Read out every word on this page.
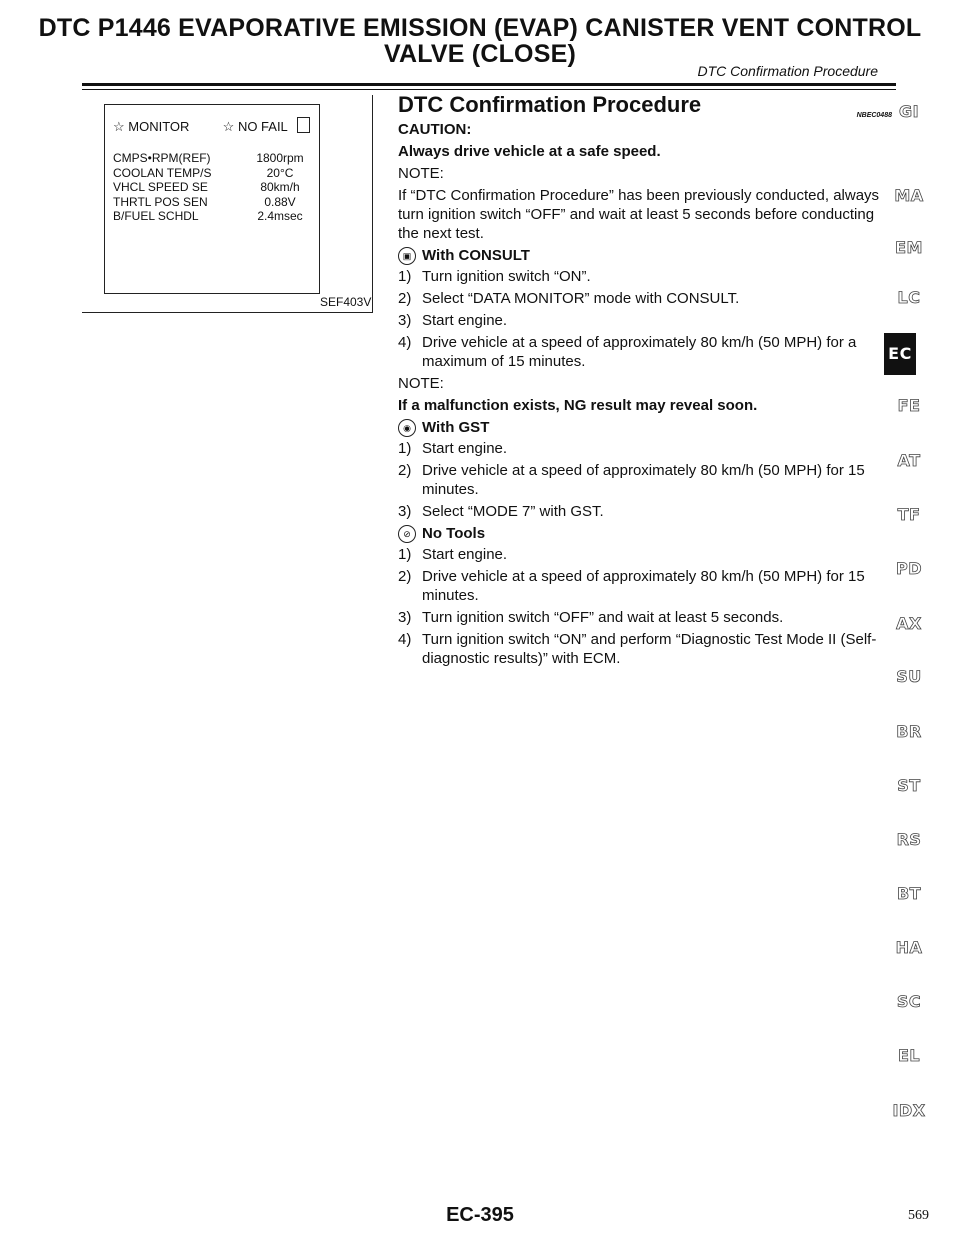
DTC P1446 EVAPORATIVE EMISSION (EVAP) CANISTER VENT CONTROL
VALVE (CLOSE)
DTC Confirmation Procedure
☆ MONITOR	☆ NO FAIL
CMPS•RPM(REF)	1800rpm
COOLAN TEMP/S	20°C
VHCL SPEED SE	80km/h
THRTL POS SEN	0.88V
B/FUEL SCHDL	2.4msec
SEF403V
DTC Confirmation Procedure	NBEC0488
CAUTION:
Always drive vehicle at a safe speed.
NOTE:
If “DTC Confirmation Procedure” has been previously conducted, always turn ignition switch “OFF” and wait at least 5 seconds before conducting the next test.
▣ With CONSULT
1) Turn ignition switch “ON”.
2) Select “DATA MONITOR” mode with CONSULT.
3) Start engine.
4) Drive vehicle at a speed of approximately 80 km/h (50 MPH) for a maximum of 15 minutes.
NOTE:
If a malfunction exists, NG result may reveal soon.
◉ With GST
1) Start engine.
2) Drive vehicle at a speed of approximately 80 km/h (50 MPH) for 15 minutes.
3) Select “MODE 7” with GST.
⊘ No Tools
1) Start engine.
2) Drive vehicle at a speed of approximately 80 km/h (50 MPH) for 15 minutes.
3) Turn ignition switch “OFF” and wait at least 5 seconds.
4) Turn ignition switch “ON” and perform “Diagnostic Test Mode II (Self-diagnostic results)” with ECM.
GI
MA
EM
LC
EC
FE
AT
TF
PD
AX
SU
BR
ST
RS
BT
HA
SC
EL
IDX
EC-395	569
